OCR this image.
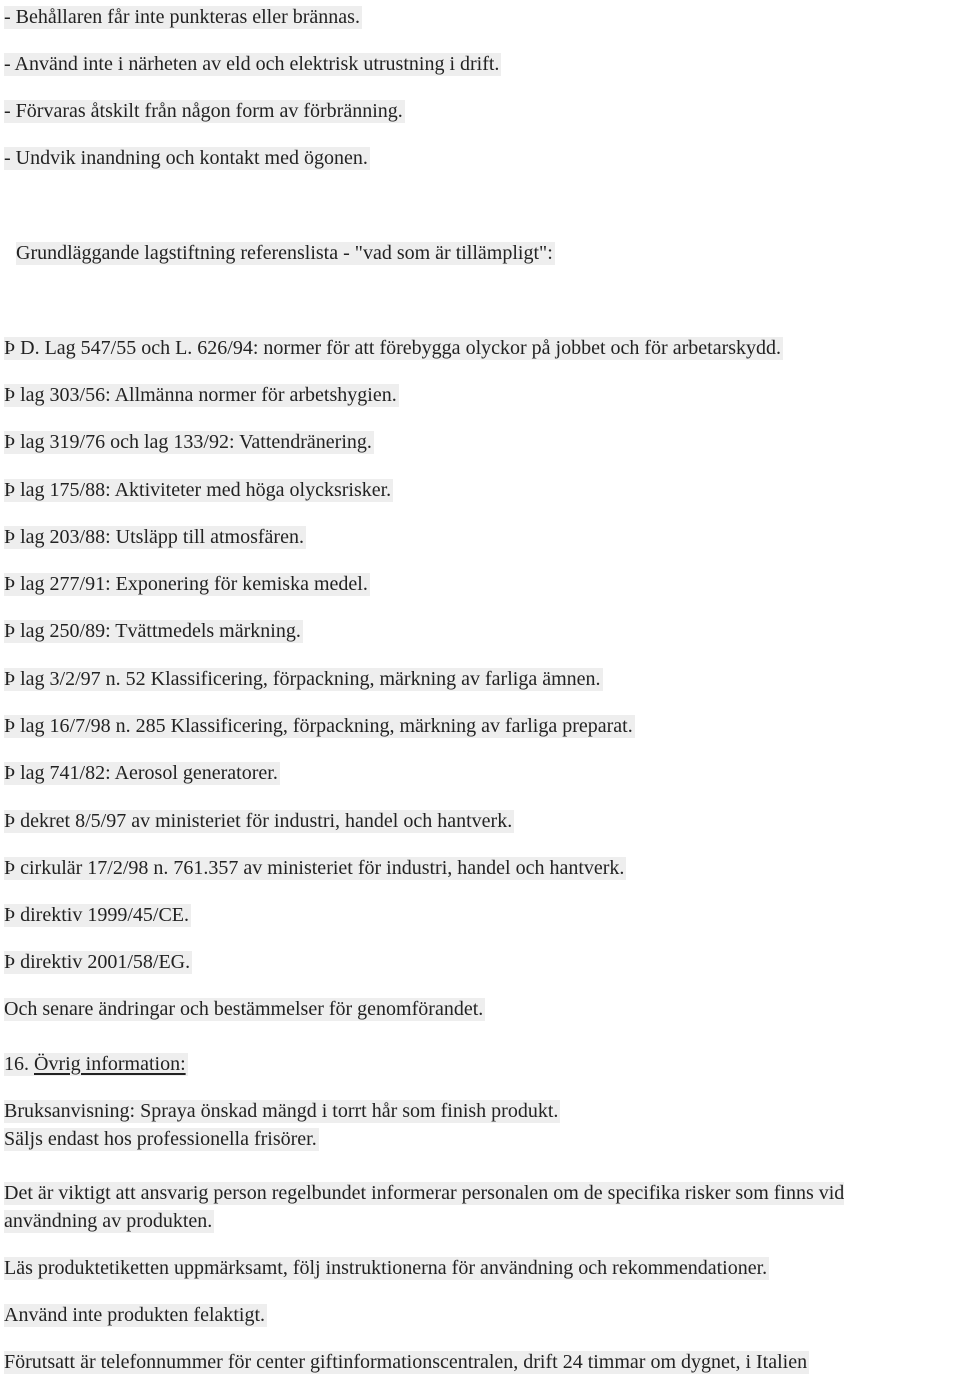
- Behållaren får inte punkteras eller brännas.
- Använd inte i närheten av eld och elektrisk utrustning i drift.
- Förvaras åtskilt från någon form av förbränning.
- Undvik inandning och kontakt med ögonen.
Grundläggande lagstiftning referenslista - "vad som är tillämpligt":
Þ D. Lag 547/55 och L. 626/94: normer för att förebygga olyckor på jobbet och för arbetarskydd.
Þ lag 303/56: Allmänna normer för arbetshygien.
Þ lag 319/76 och lag 133/92: Vattendränering.
Þ lag 175/88: Aktiviteter med höga olycksrisker.
Þ lag 203/88: Utsläpp till atmosfären.
Þ lag 277/91: Exponering för kemiska medel.
Þ lag 250/89: Tvättmedels märkning.
Þ lag 3/2/97 n. 52 Klassificering, förpackning, märkning av farliga ämnen.
Þ lag 16/7/98 n. 285 Klassificering, förpackning, märkning av farliga preparat.
Þ lag 741/82: Aerosol generatorer.
Þ dekret 8/5/97 av ministeriet för industri, handel och hantverk.
Þ cirkulär 17/2/98 n. 761.357 av ministeriet för industri, handel och hantverk.
Þ direktiv 1999/45/CE.
Þ direktiv 2001/58/EG.
Och senare ändringar och bestämmelser för genomförandet.
16. Övrig information:
Bruksanvisning: Spraya önskad mängd i torrt hår som finish produkt.
Säljs endast hos professionella frisörer.
Det är viktigt att ansvarig person regelbundet informerar personalen om de specifika risker som finns vid användning av produkten.
Läs produktetiketten uppmärksamt, följ instruktionerna för användning och rekommendationer.
Använd inte produkten felaktigt.
Förutsatt är telefonnummer för center giftinformationscentralen, drift 24 timmar om dygnet, i Italien
